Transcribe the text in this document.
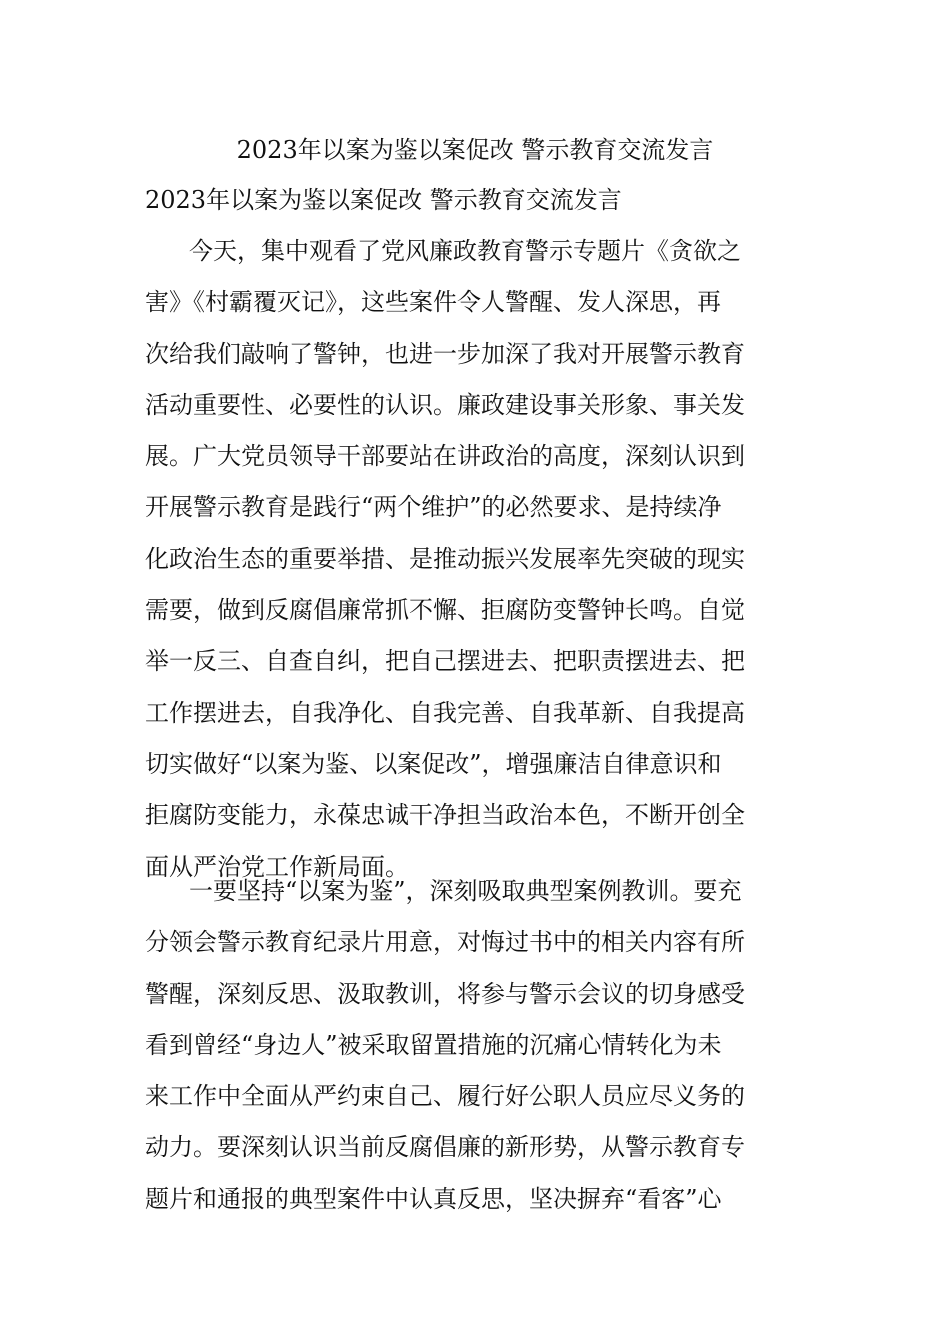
2023年以案为鉴以案促改 警示教育交流发言
2023年以案为鉴以案促改 警示教育交流发言
今天，集中观看了党风廉政教育警示专题片《贪欲之
害》《村霸覆灭记》，这些案件令人警醒、发人深思，再
次给我们敲响了警钟，也进一步加深了我对开展警示教育
活动重要性、必要性的认识。廉政建设事关形象、事关发
展。广大党员领导干部要站在讲政治的高度，深刻认识到
开展警示教育是践行“两个维护”的必然要求、是持续净
化政治生态的重要举措、是推动振兴发展率先突破的现实
需要，做到反腐倡廉常抓不懈、拒腐防变警钟长鸣。自觉
举一反三、自查自纠，把自己摆进去、把职责摆进去、把
工作摆进去，自我净化、自我完善、自我革新、自我提高
切实做好“以案为鉴、以案促改”，增强廉洁自律意识和
拒腐防变能力，永葆忠诚干净担当政治本色，不断开创全
面从严治党工作新局面。
一要坚持“以案为鉴”，深刻吸取典型案例教训。要充
分领会警示教育纪录片用意，对悔过书中的相关内容有所
警醒，深刻反思、汲取教训，将参与警示会议的切身感受
看到曾经“身边人”被采取留置措施的沉痛心情转化为未
来工作中全面从严约束自己、履行好公职人员应尽义务的
动力。要深刻认识当前反腐倡廉的新形势，从警示教育专
题片和通报的典型案件中认真反思，坚决摒弃“看客”心
